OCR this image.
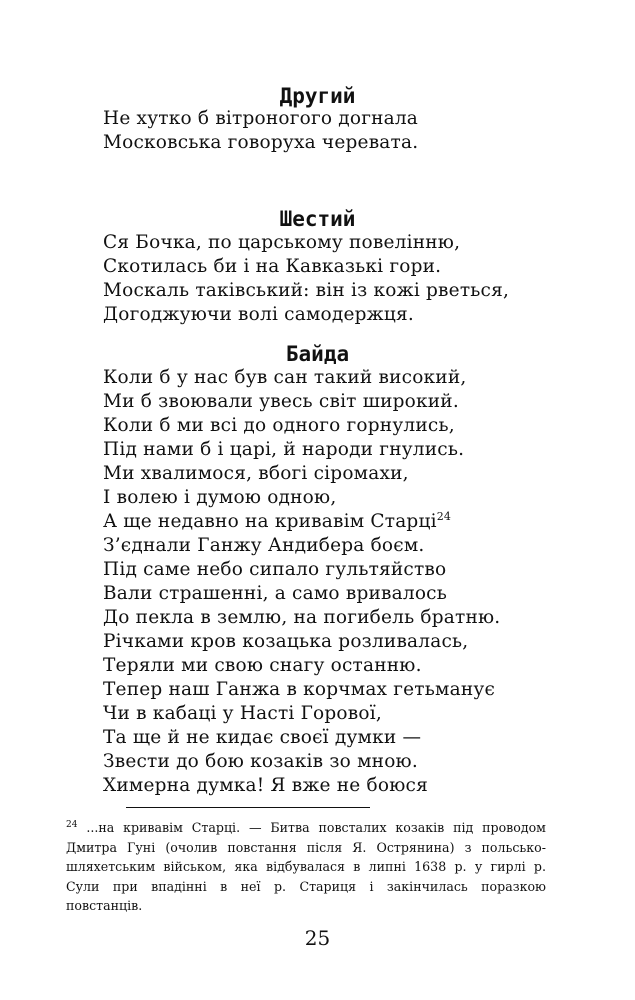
Другий
Не хутко б вітроногого догнала
Московська говоруха черевата.
Шестий
Ся Бочка, по царському повелінню,
Скотилась би і на Кавказькі гори.
Москаль таківський: він із кожі рветься,
Догоджуючи волі самодержця.
Байда
Коли б у нас був сан такий високий,
Ми б звоювали увесь світ широкий.
Коли б ми всі до одного горнулись,
Під нами б і царі, й народи гнулись.
Ми хвалимося, вбогі сіромахи,
І волею і думою одною,
А ще недавно на кривавім Старці$^{24}$
З’єднали Ганжу Андибера боєм.
Під саме небо сипало гультяйство
Вали страшенні, а само вривалось
До пекла в землю, на погибель братню.
Річками кров козацька розливалась,
Теряли ми свою снагу останню.
Тепер наш Ганжа в корчмах гетьманує
Чи в кабаці у Насті Горової,
Та ще й не кидає своєї думки —
Звести до бою козаків зо мною.
Химерна думка! Я вже не боюся
$^{24}$ ...на кривавім Старці. — Битва повсталих козаків під проводом
Дмитра Гуні (очолив повстання після Я. Острянина) з польсько-
шляхетським військом, яка відбувалася в липні 1638 р. у гирлі р.
Сули при впадінні в неї р. Стариця і закінчилась поразкою
повстанців.
25
